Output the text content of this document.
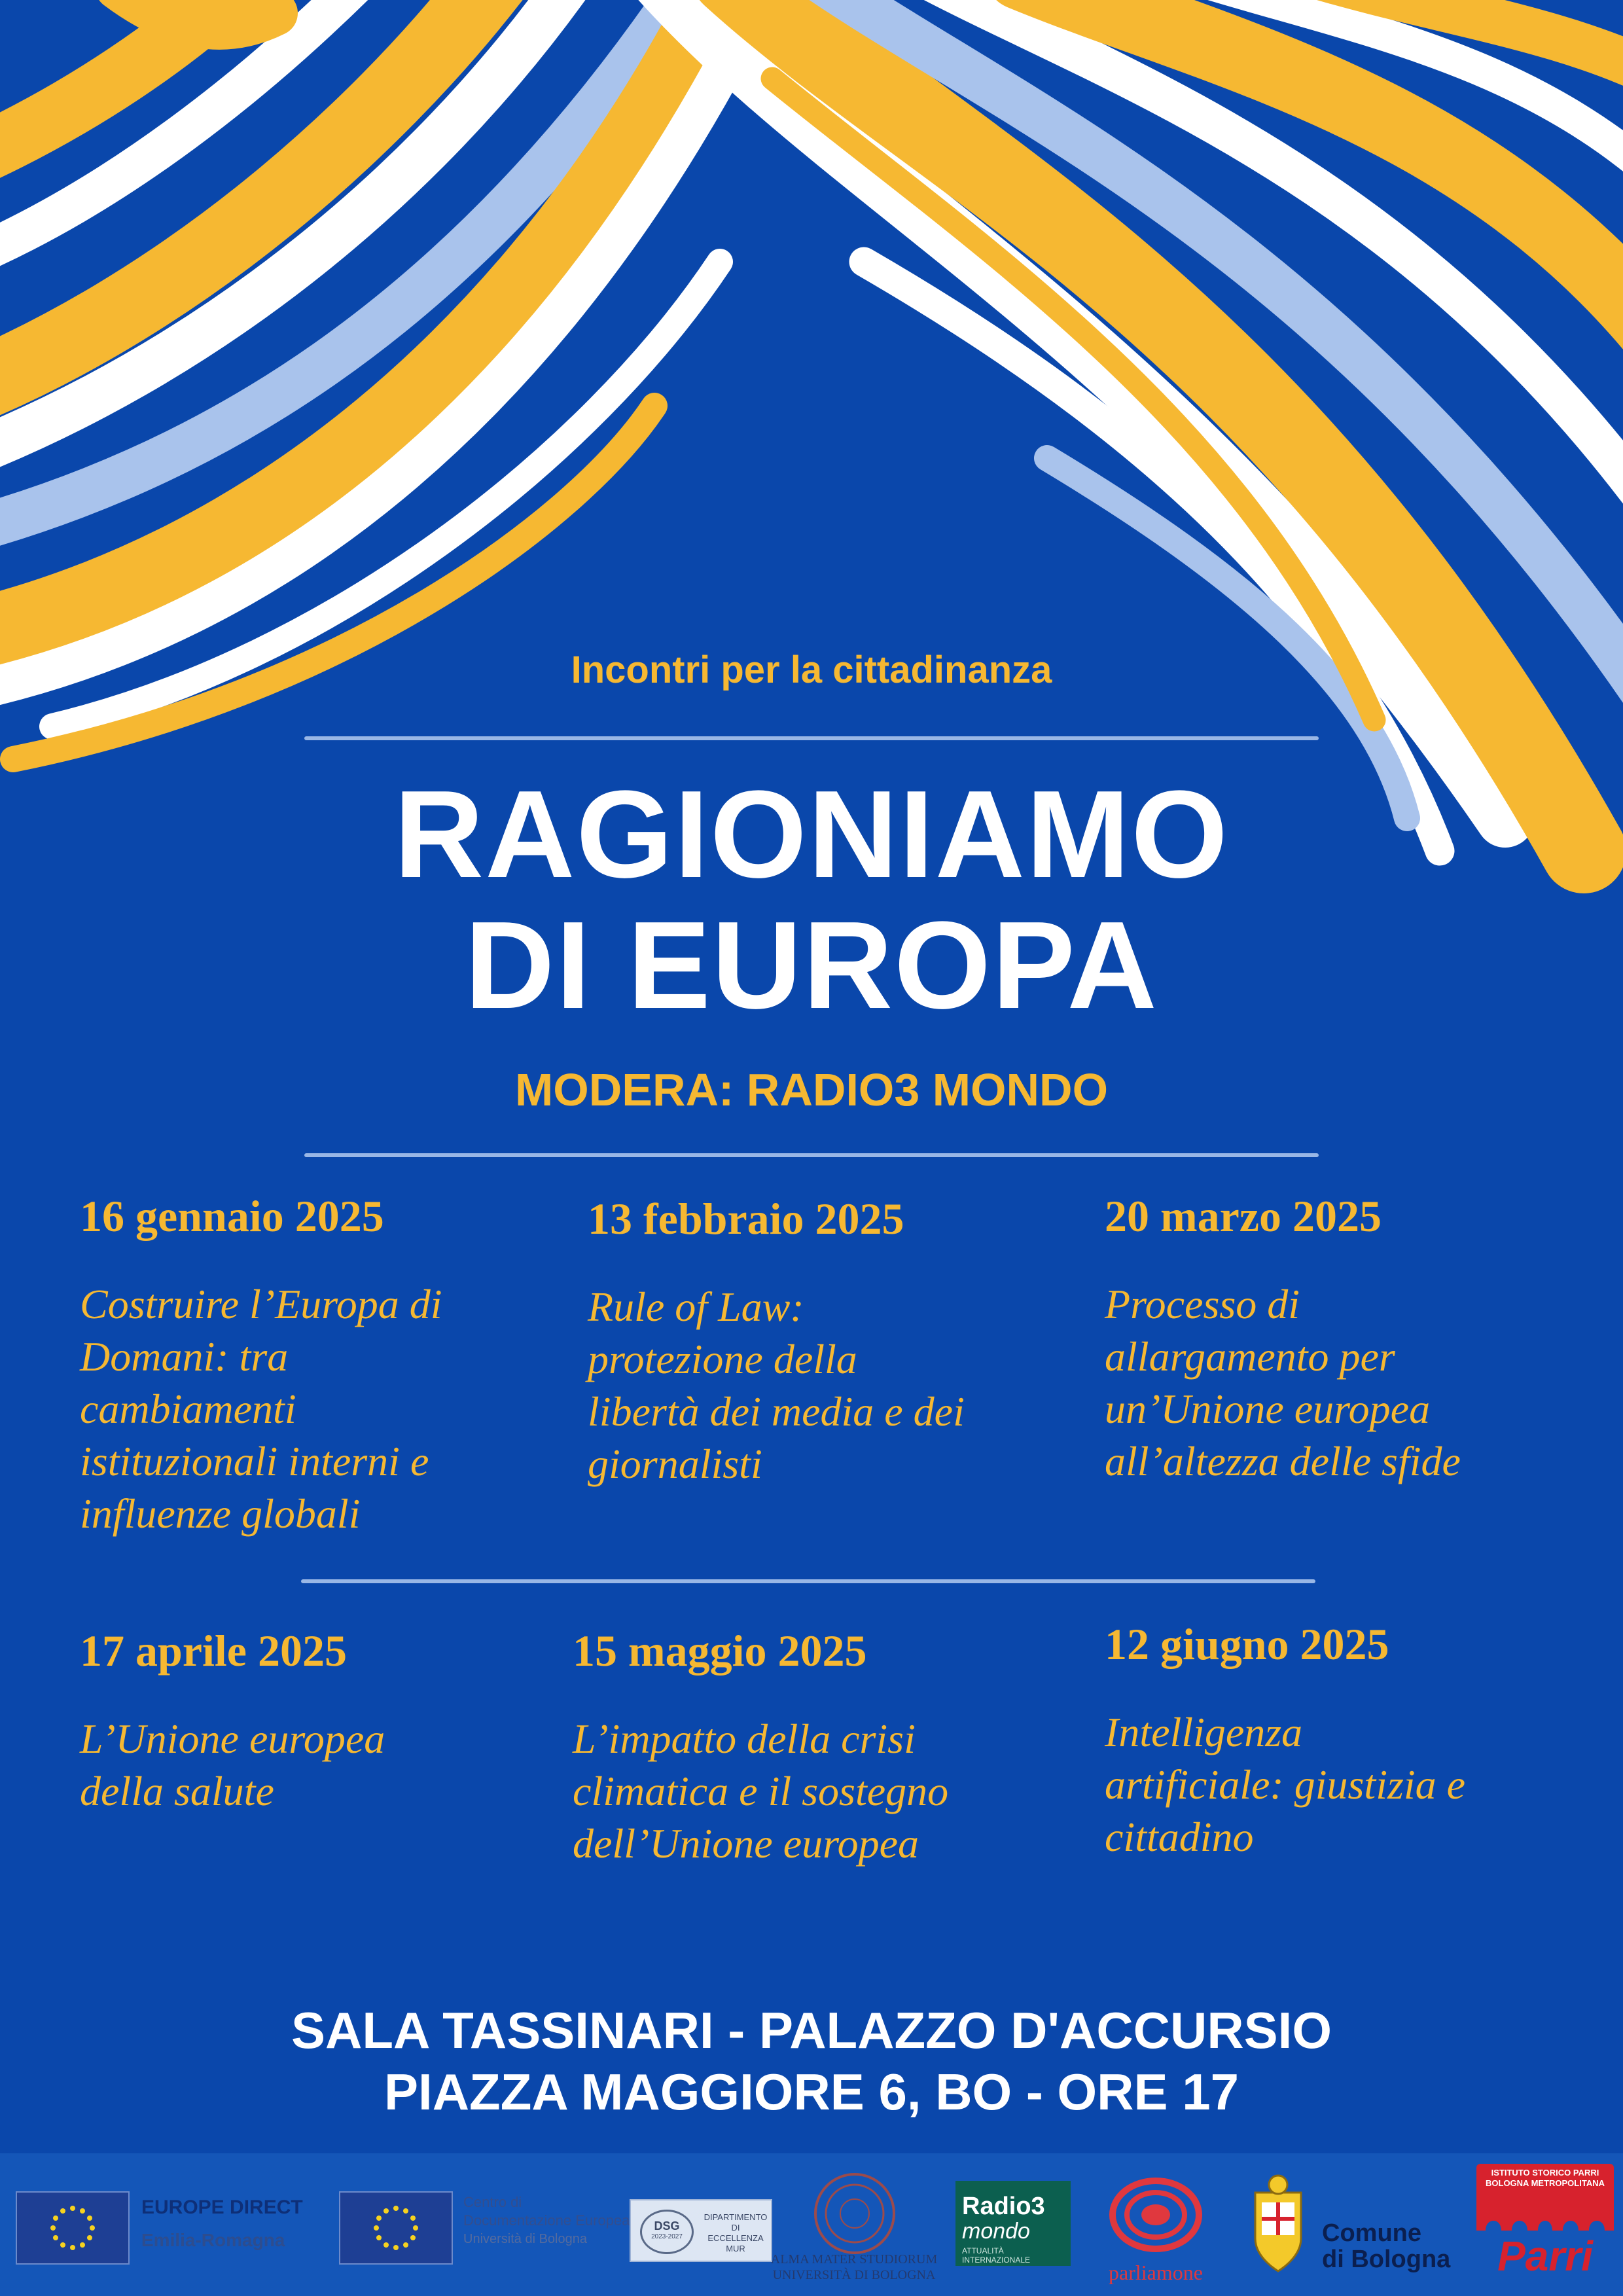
Incontri per la cittadinanza
RAGIONIAMO
DI EUROPA
MODERA: RADIO3 MONDO
16 gennaio 2025
Costruire l’Europa di
Domani: tra
cambiamenti
istituzionali interni e
influenze globali
13 febbraio 2025
Rule of Law:
protezione della
libertà dei media e dei
giornalisti
20 marzo 2025
Processo di
allargamento per
un’Unione europea
all’altezza delle sfide
17 aprile 2025
L’Unione europea
della salute
15 maggio 2025
L’impatto della crisi
climatica e il sostegno
dell’Unione europea
12 giugno 2025
Intelligenza
artificiale: giustizia e
cittadino
SALA TASSINARI - PALAZZO D'ACCURSIO
PIAZZA MAGGIORE 6, BO - ORE 17
EUROPE DIRECT
Emilia-Romagna
Centro di
Documentazione Europea
Università di Bologna
DSG
2023-2027
DIPARTIMENTO
DI ECCELLENZA
MUR
ALMA MATER STUDIORUM
UNIVERSITÀ DI BOLOGNA
Radio3
mondo
ATTUALITÀ INTERNAZIONALE
parliamone
Comune
di Bologna
ISTITUTO STORICO PARRI
BOLOGNA METROPOLITANA
Parri
